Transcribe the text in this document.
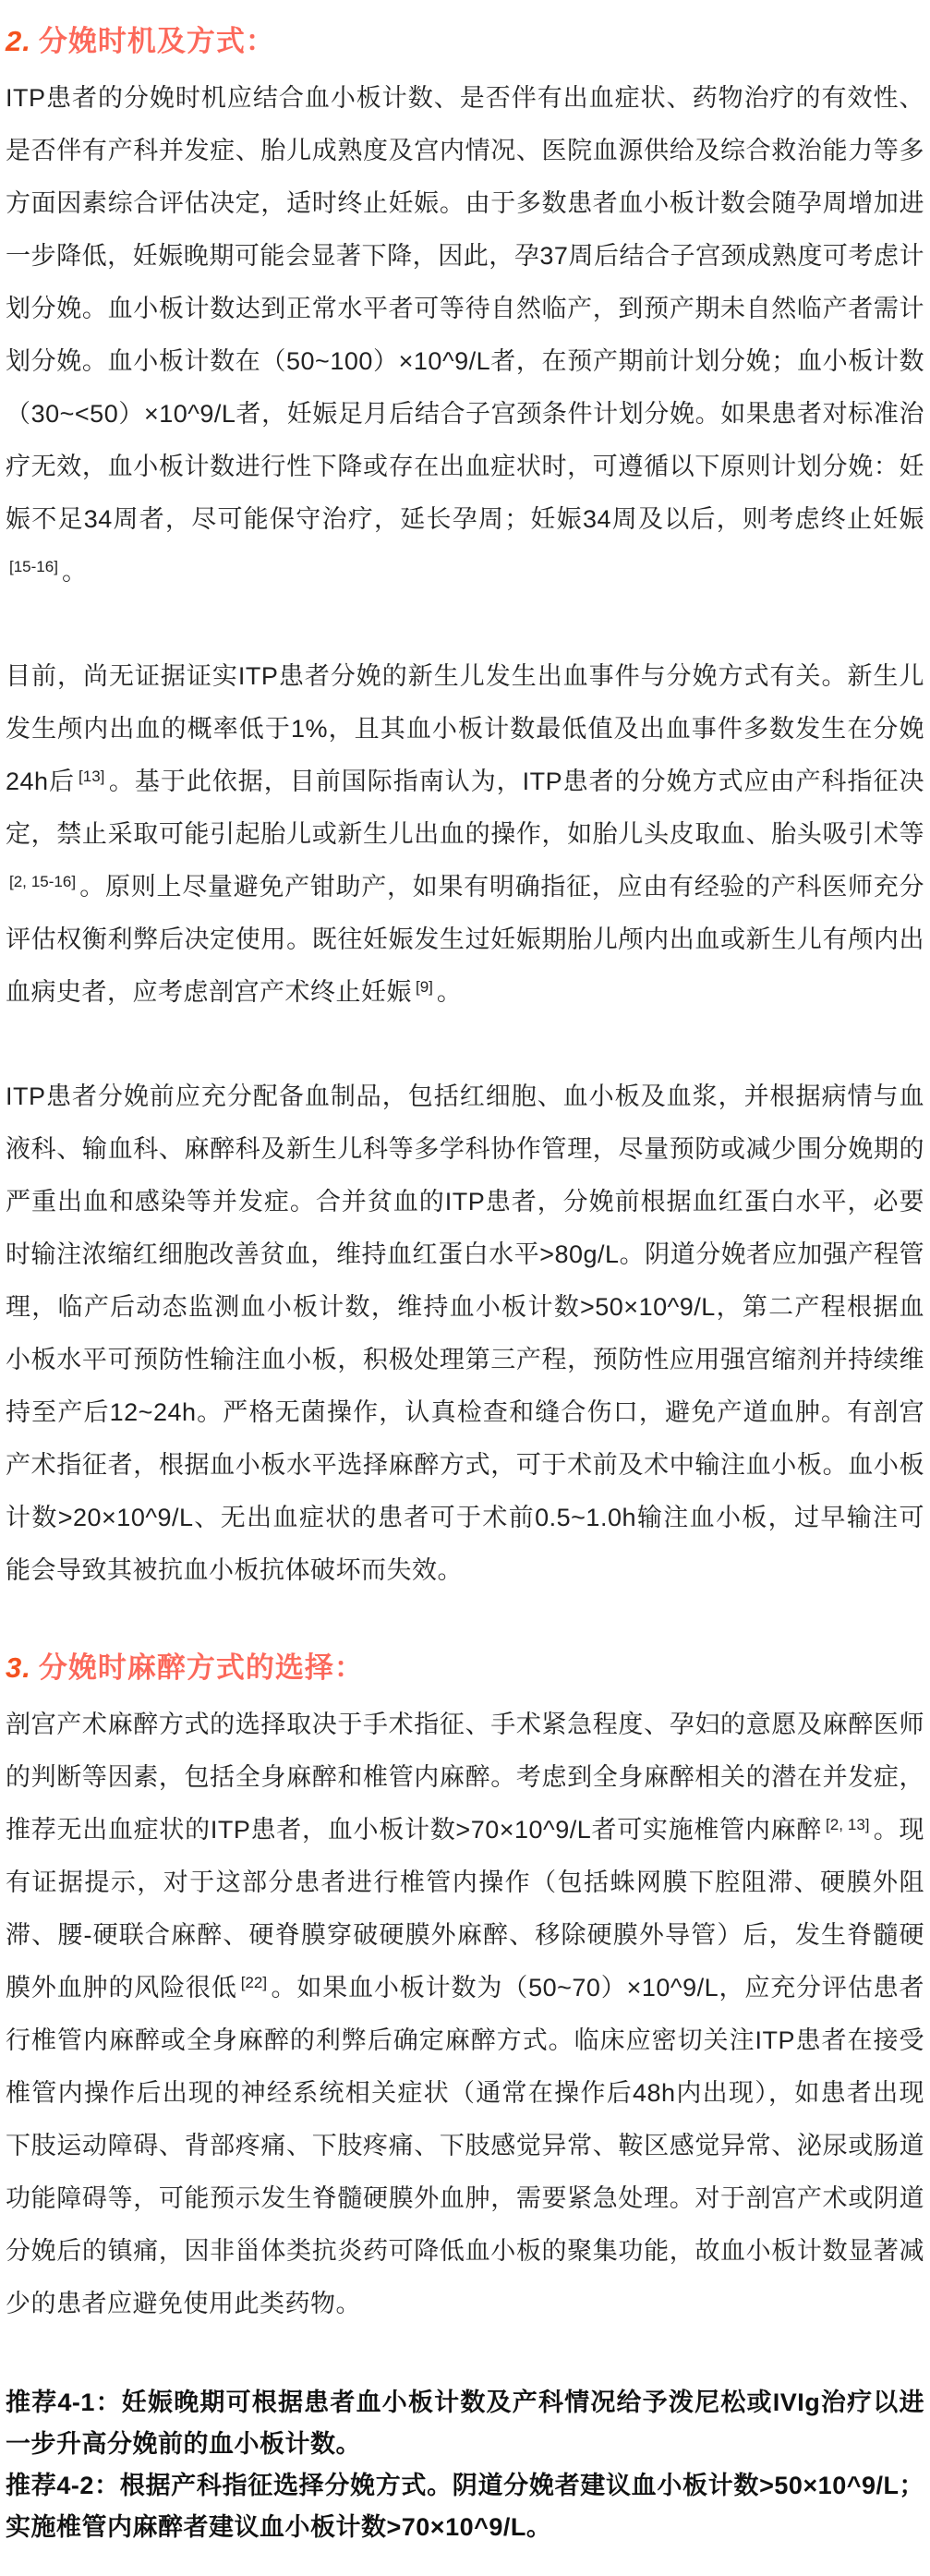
2. 分娩时机及方式：

ITP患者的分娩时机应结合血小板计数、是否伴有出血症状、药物治疗的有效性、是否伴有产科并发症、胎儿成熟度及宫内情况、医院血源供给及综合救治能力等多方面因素综合评估决定，适时终止妊娠。由于多数患者血小板计数会随孕周增加进一步降低，妊娠晚期可能会显著下降，因此，孕37周后结合子宫颈成熟度可考虑计划分娩。血小板计数达到正常水平者可等待自然临产，到预产期未自然临产者需计划分娩。血小板计数在（50~100）×10^9/L者，在预产期前计划分娩；血小板计数（30~<50）×10^9/L者，妊娠足月后结合子宫颈条件计划分娩。如果患者对标准治疗无效，血小板计数进行性下降或存在出血症状时，可遵循以下原则计划分娩：妊娠不足34周者，尽可能保守治疗，延长孕周；妊娠34周及以后，则考虑终止妊娠[15-16] 。

目前，尚无证据证实ITP患者分娩的新生儿发生出血事件与分娩方式有关。新生儿发生颅内出血的概率低于1%，且其血小板计数最低值及出血事件多数发生在分娩24h后 [13] 。基于此依据，目前国际指南认为，ITP患者的分娩方式应由产科指征决定，禁止采取可能引起胎儿或新生儿出血的操作，如胎儿头皮取血、胎头吸引术等[2, 15-16] 。原则上尽量避免产钳助产，如果有明确指征，应由有经验的产科医师充分评估权衡利弊后决定使用。既往妊娠发生过妊娠期胎儿颅内出血或新生儿有颅内出血病史者，应考虑剖宫产术终止妊娠 [9] 。

ITP患者分娩前应充分配备血制品，包括红细胞、血小板及血浆，并根据病情与血液科、输血科、麻醉科及新生儿科等多学科协作管理，尽量预防或减少围分娩期的严重出血和感染等并发症。合并贫血的ITP患者，分娩前根据血红蛋白水平，必要时输注浓缩红细胞改善贫血，维持血红蛋白水平>80g/L。阴道分娩者应加强产程管理，临产后动态监测血小板计数，维持血小板计数>50×10^9/L，第二产程根据血小板水平可预防性输注血小板，积极处理第三产程，预防性应用强宫缩剂并持续维持至产后12~24h。严格无菌操作，认真检查和缝合伤口，避免产道血肿。有剖宫产术指征者，根据血小板水平选择麻醉方式，可于术前及术中输注血小板。血小板计数>20×10^9/L、无出血症状的患者可于术前0.5~1.0h输注血小板，过早输注可能会导致其被抗血小板抗体破坏而失效。

3. 分娩时麻醉方式的选择：

剖宫产术麻醉方式的选择取决于手术指征、手术紧急程度、孕妇的意愿及麻醉医师的判断等因素，包括全身麻醉和椎管内麻醉。考虑到全身麻醉相关的潜在并发症，推荐无出血症状的ITP患者，血小板计数>70×10^9/L者可实施椎管内麻醉 [2, 13] 。现有证据提示，对于这部分患者进行椎管内操作（包括蛛网膜下腔阻滞、硬膜外阻滞、腰-硬联合麻醉、硬脊膜穿破硬膜外麻醉、移除硬膜外导管）后，发生脊髓硬膜外血肿的风险很低 [22] 。如果血小板计数为（50~70）×10^9/L，应充分评估患者行椎管内麻醉或全身麻醉的利弊后确定麻醉方式。临床应密切关注ITP患者在接受椎管内操作后出现的神经系统相关症状（通常在操作后48h内出现），如患者出现下肢运动障碍、背部疼痛、下肢疼痛、下肢感觉异常、鞍区感觉异常、泌尿或肠道功能障碍等，可能预示发生脊髓硬膜外血肿，需要紧急处理。对于剖宫产术或阴道分娩后的镇痛，因非甾体类抗炎药可降低血小板的聚集功能，故血小板计数显著减少的患者应避免使用此类药物。

推荐4-1：妊娠晚期可根据患者血小板计数及产科情况给予泼尼松或IVIg治疗以进一步升高分娩前的血小板计数。

推荐4-2：根据产科指征选择分娩方式。阴道分娩者建议血小板计数>50×10^9/L；实施椎管内麻醉者建议血小板计数>70×10^9/L。
